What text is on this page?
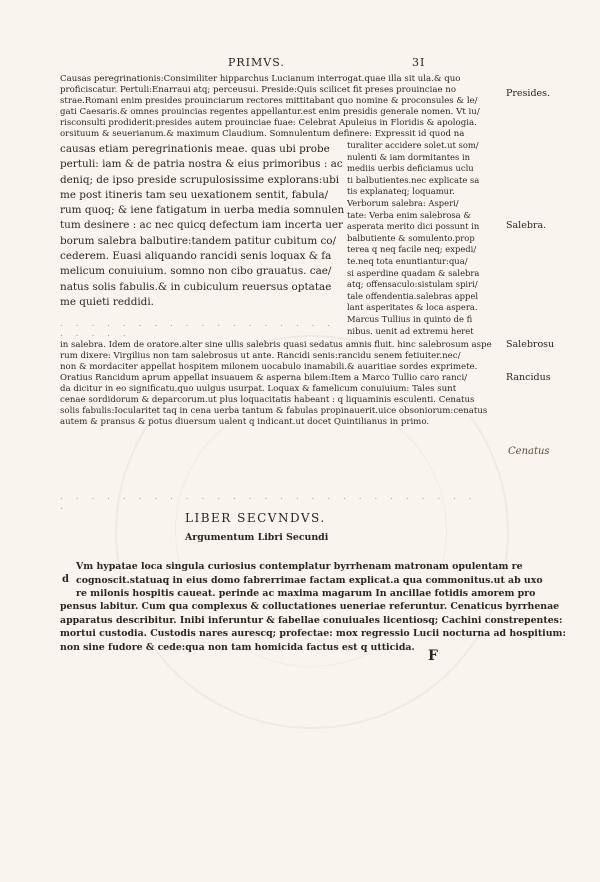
PRIMVS.	3I
Causas peregrinationis:Consimiliter hipparchus Lucianum interrogat.quae illa sit ula.& quo
proficiscatur. Pertuli:Enarraui atq; perceusui. Preside:Quis scilicet fit preses prouinciae no
strae.Romani enim presides prouinciarum rectores mittitabant quo nomine & proconsules & le/
gati Caesaris.& omnes prouincias regentes appellantur.est enim presidis generale nomen. Vt iu/
risconsulti prodiderit:presides autem prouinciae fuae: Celebrat Apuleius in Floridis & apologia.
orsituum & seuerianum.& maximum Claudium. Somnulentum definere: Expressit id quod na
causas etiam peregrinationis meae. quas ubi probe
pertuli: iam & de patria nostra & eius primoribus : ac
deniq; de ipso preside scrupulosissime explorans:ubi
me post itineris tam seu uexationem sentit, fabula/
rum quoq; & iene fatigatum in uerba media somnulen
tum desinere : ac nec quicq defectum iam incerta uer
borum salebra balbutire:tandem patitur cubitum co/
cederem. Euasi aliquando rancidi senis loquax & fa
melicum conuiuium. somno non cibo grauatus. cae/
natus solis fabulis.& in cubiculum reuersus optatae
me quieti reddidi.
. . . . . . . . . . . . . . . . . . . . . . .
turaliter accidere solet.ut som/
nulenti & iam dormitantes in
mediis uerbis deficiamus uclu
ti balbutientes.nec explicate sa
tis explanateq; loquamur.
Verborum salebra: Asperi/
tate: Verba enim salebrosa &
asperata merito dici possunt in
balbutiente & somulento.prop
terea q neq facile neq; expedi/
te.neq tota enuntiantur:qua/
si asperdine quadam & salebra
atq; offensaculo:sistulam spiri/
tale offendentia.salebras appel
lant asperitates & loca aspera.
Marcus Tullius in quinto de fi
nibus. uenit ad extremu heret
in salebra. Idem de oratore.alter sine ullis salebris quasi sedatus amnis fluit. hinc salebrosum aspe
rum dixere: Virgilius non tam salebrosus ut ante. Rancidi senis:rancidu senem fetiuiter.nec/
non & mordaciter appellat hospitem milonem uocabulo inamabili.& auaritiae sordes exprimete.
Oratius Rancidum aprum appellat insuauem & asperna bilem:Item a Marco Tullio caro ranci/
da dicitur in eo significatu.quo uulgus usurpat. Loquax & famelicum conuiuium: Tales sunt
cenae sordidorum & deparcorum.ut plus loquacitatis habeant : q liquaminis esculenti. Cenatus
solis fabulis:Iocularitet taq in cena uerba tantum & fabulas propinauerit.uice obsoniorum:cenatus
autem & pransus & potus diuersum ualent q indicant.ut docet Quintilianus in primo.
Presides.
Salebra.
Salebrosu
Rancidus
Cenatus
. . . . . . . . . . . . . . . . . . . . . . . . . . . .
LIBER SECVNDVS.
Argumentum Libri Secundi
d
Vm hypatae loca singula curiosius contemplatur byrrhenam matronam opulentam re
cognoscit.statuaq in eius domo fabrerrimae factam explicat.a qua commonitus.ut ab uxo
re milonis hospitis caueat. perinde ac maxima magarum In ancillae fotidis amorem pro
pensus labitur. Cum qua complexus & colluctationes ueneriae referuntur. Cenaticus byrrhenae
apparatus describitur. Inibi inferuntur & fabellae conuiuales licentiosq; Cachini constrepentes:
mortui custodia. Custodis nares aurescq; profectae: mox regressio Lucii nocturna ad hospitium:
non sine fudore & cede:qua non tam homicida factus est q utticida.
F
